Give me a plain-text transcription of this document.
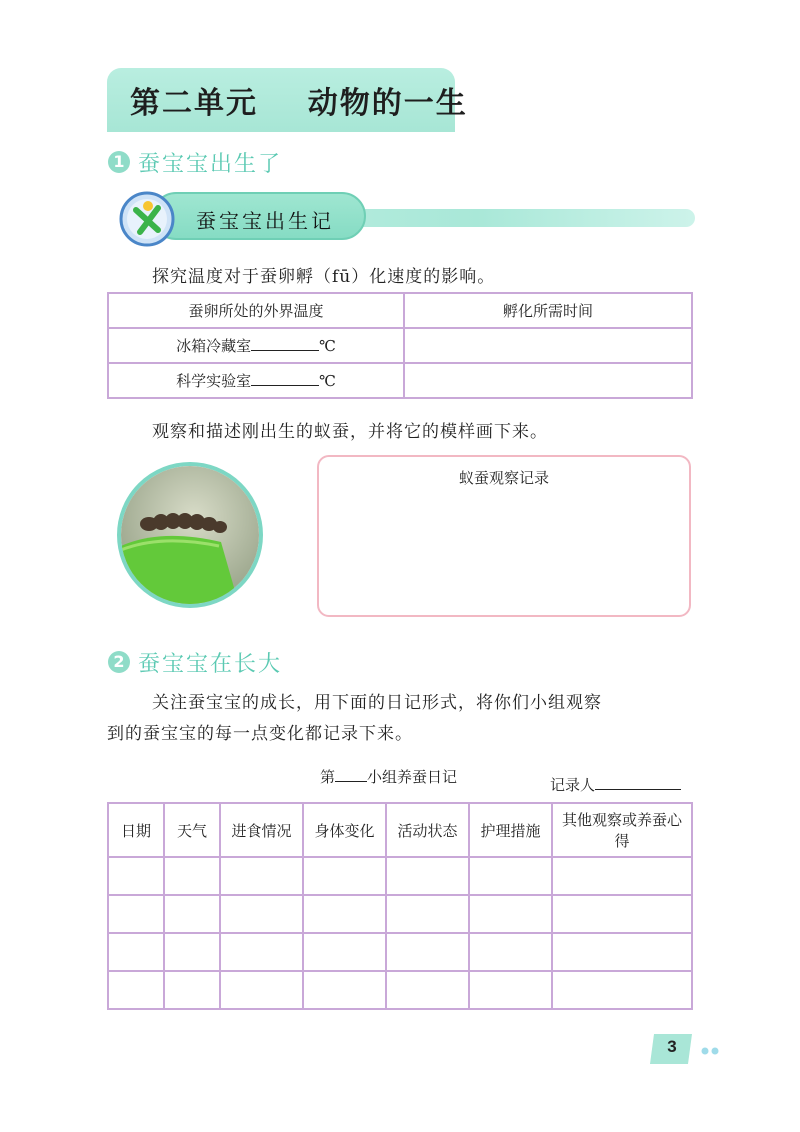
第二单元    动物的一生
1 蚕宝宝出生了
蚕宝宝出生记
探究温度对于蚕卵孵（fū）化速度的影响。
蚕卵所处的外界温度	孵化所需时间
冰箱冷藏室 ℃	
科学实验室 ℃	
观察和描述刚出生的蚁蚕，并将它的模样画下来。
蚁蚕观察记录
2 蚕宝宝在长大
关注蚕宝宝的成长，用下面的日记形式，将你们小组观察
到的蚕宝宝的每一点变化都记录下来。
第 小组养蚕日记	记录人
日期	天气	进食情况	身体变化	活动状态	护理措施	其他观察或养蚕心得

3
